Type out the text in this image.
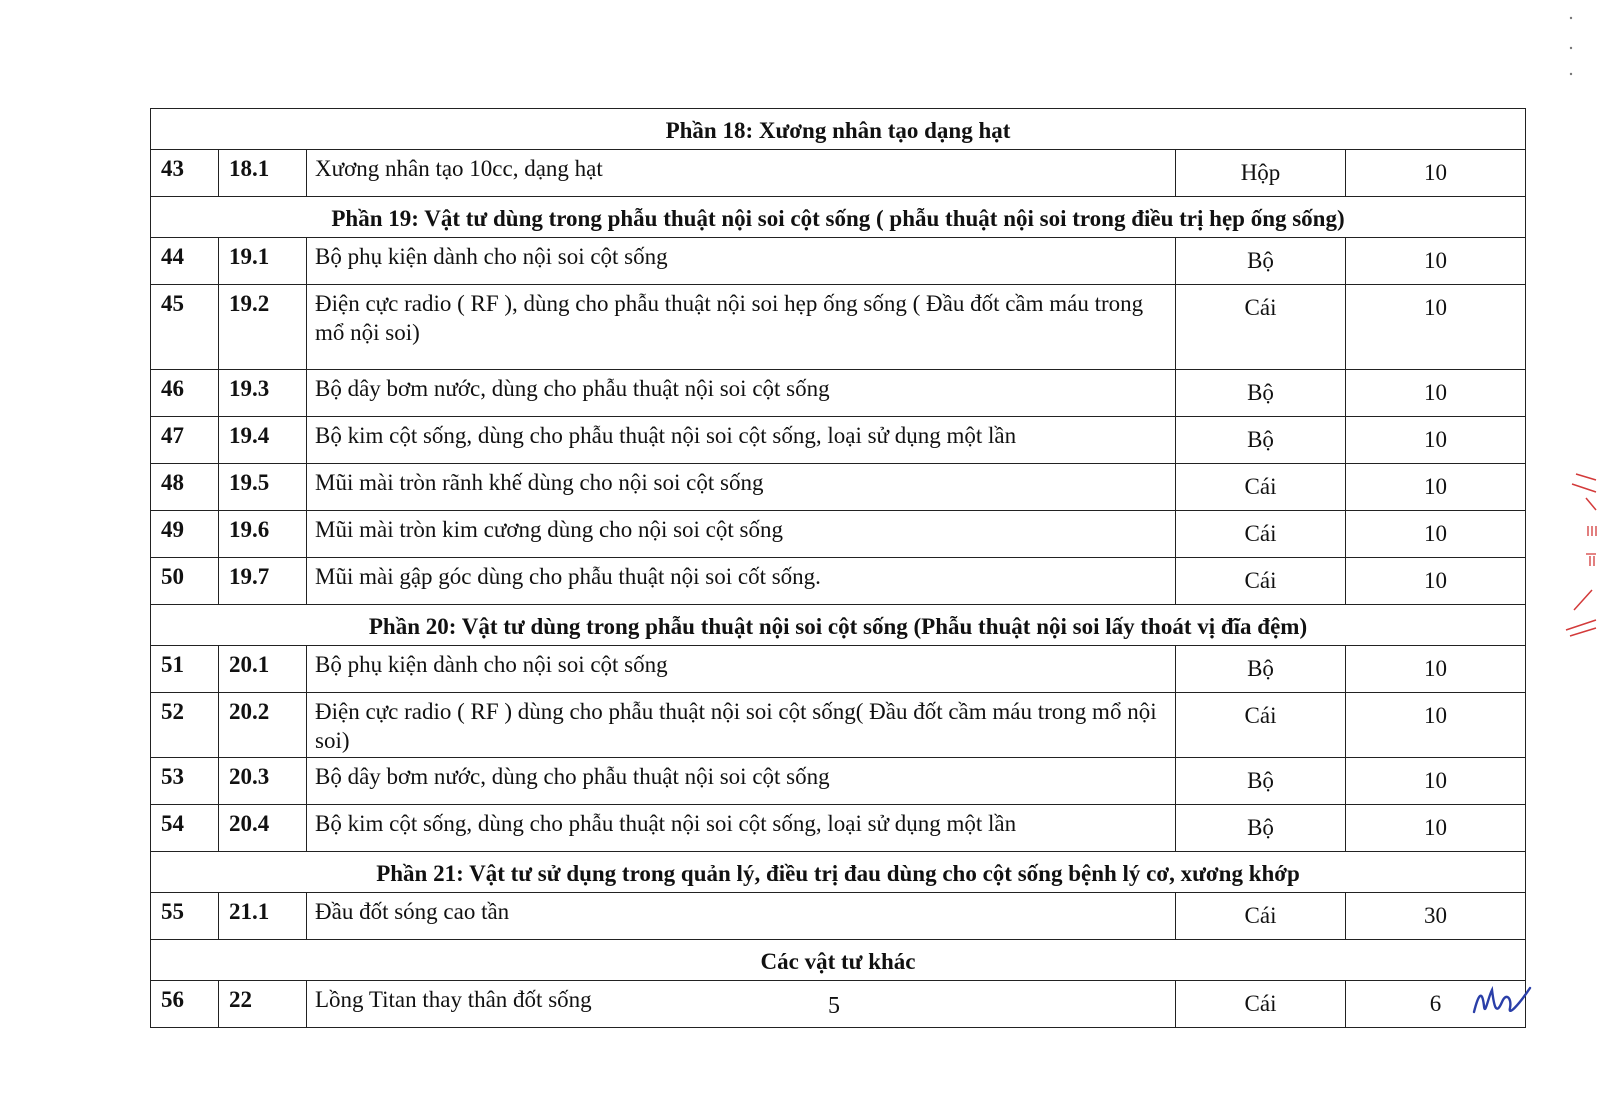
Phần 18: Xương nhân tạo dạng hạt				
43	18.1	Xương nhân tạo 10cc, dạng hạt	Hộp	10
Phần 19: Vật tư dùng trong phẫu thuật nội soi cột sống ( phẫu thuật nội soi trong điều trị hẹp ống sống)				
44	19.1	Bộ phụ kiện dành cho nội soi cột sống	Bộ	10
45	19.2	Điện cực radio ( RF ), dùng cho phẫu thuật nội soi hẹp ống sống ( Đầu đốt cầm máu trong mổ nội soi)	Cái	10
46	19.3	Bộ dây bơm nước, dùng cho phẫu thuật nội soi cột sống	Bộ	10
47	19.4	Bộ kim cột sống, dùng cho phẫu thuật nội soi cột sống, loại sử dụng một lần	Bộ	10
48	19.5	Mũi mài tròn rãnh khế dùng cho nội soi cột sống	Cái	10
49	19.6	Mũi mài tròn kim cương dùng cho nội soi cột sống	Cái	10
50	19.7	Mũi mài gập góc dùng cho phẫu thuật nội soi cốt sống.	Cái	10
Phần 20: Vật tư dùng trong phẫu thuật nội soi cột sống (Phẫu thuật nội soi lấy thoát vị đĩa đệm)				
51	20.1	Bộ phụ kiện dành cho nội soi cột sống	Bộ	10
52	20.2	Điện cực radio ( RF ) dùng cho phẫu thuật nội soi cột sống( Đầu đốt cầm máu trong mổ nội soi)	Cái	10
53	20.3	Bộ dây bơm nước, dùng cho phẫu thuật nội soi cột sống	Bộ	10
54	20.4	Bộ kim cột sống, dùng cho phẫu thuật nội soi cột sống, loại sử dụng một lần	Bộ	10
Phần 21: Vật tư sử dụng trong quản lý, điều trị đau dùng cho cột sống bệnh lý cơ, xương khớp				
55	21.1	Đầu đốt sóng cao tần	Cái	30
Các vật tư khác				
56	22	Lồng Titan thay thân đốt sống	Cái	6
5
